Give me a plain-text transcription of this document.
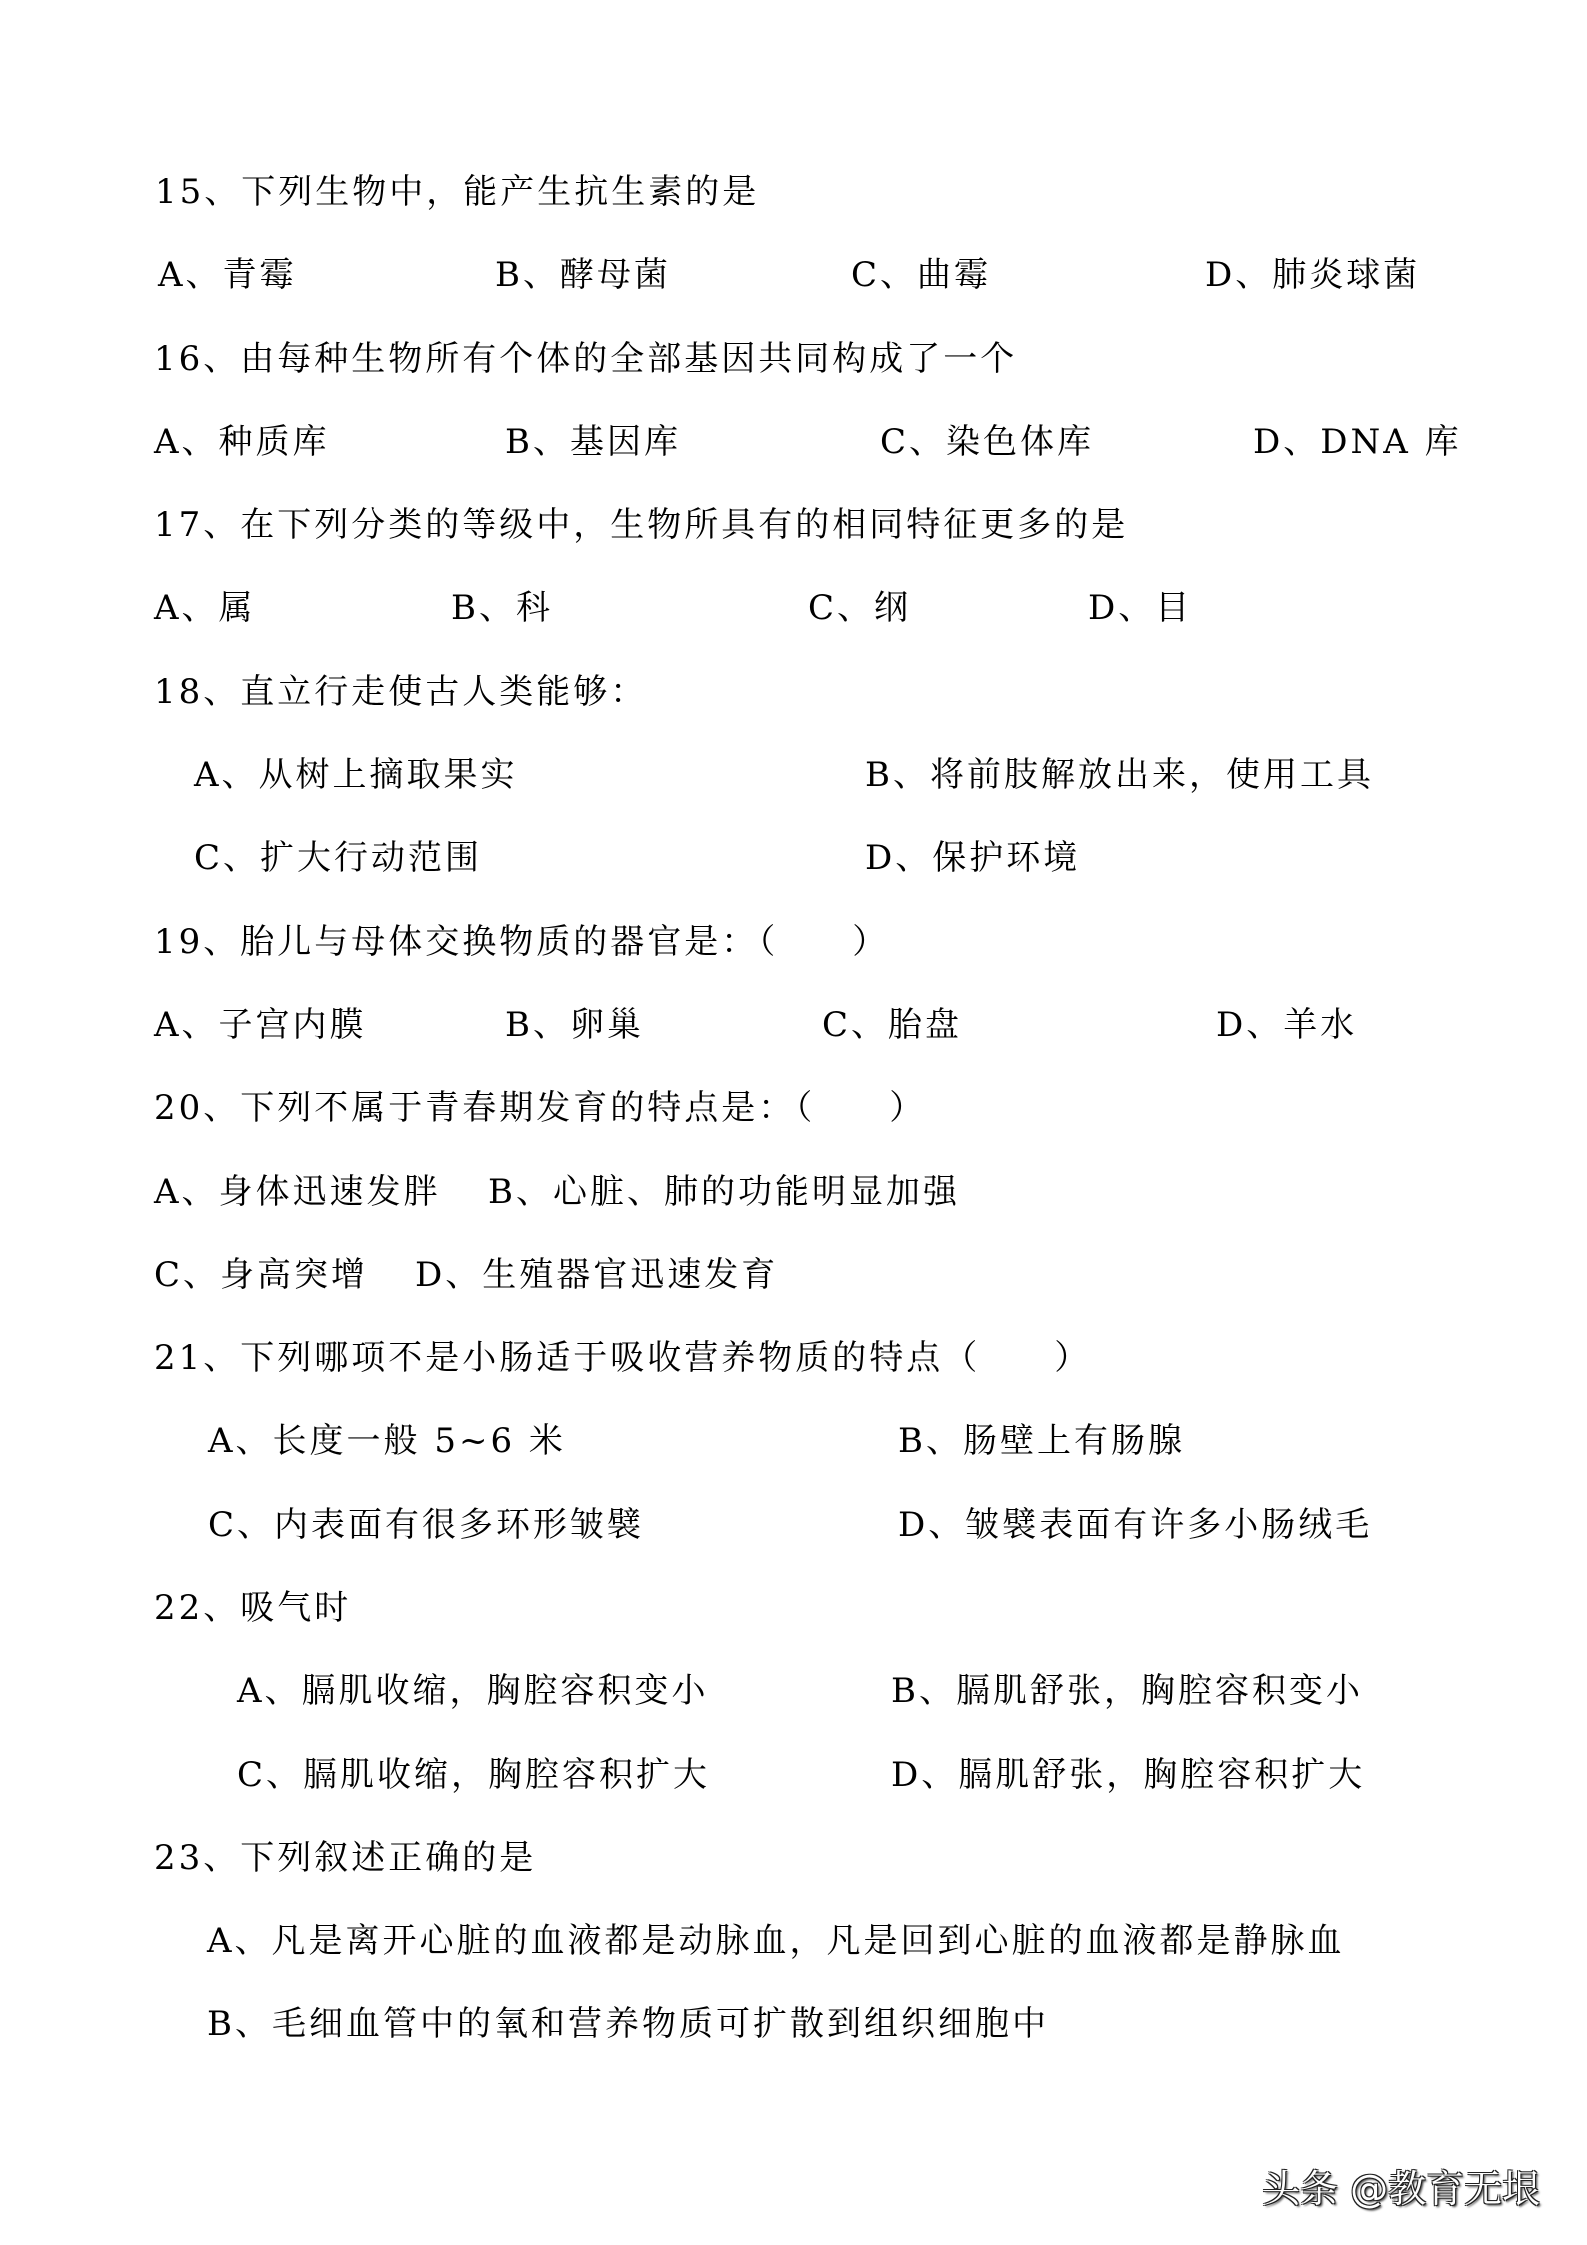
15、下列生物中，能产生抗生素的是
A、青霉	B、酵母菌	C、曲霉	D、肺炎球菌
16、由每种生物所有个体的全部基因共同构成了一个
A、种质库	B、基因库	C、染色体库	D、DNA 库
17、在下列分类的等级中，生物所具有的相同特征更多的是
A、属	B、科	C、纲	D、目
18、直立行走使古人类能够：
A、从树上摘取果实	B、将前肢解放出来，使用工具
C、扩大行动范围	D、保护环境
19、胎儿与母体交换物质的器官是：（　　）
A、子宫内膜	B、卵巢	C、胎盘	D、羊水
20、下列不属于青春期发育的特点是：（　　）
A、身体迅速发胖 B、心脏、肺的功能明显加强
C、身高突增 D、生殖器官迅速发育
21、下列哪项不是小肠适于吸收营养物质的特点（　　）
A、长度一般 5~6 米	B、肠壁上有肠腺
C、内表面有很多环形皱襞	D、皱襞表面有许多小肠绒毛
22、吸气时
A、膈肌收缩，胸腔容积变小	B、膈肌舒张，胸腔容积变小
C、膈肌收缩，胸腔容积扩大	D、膈肌舒张，胸腔容积扩大
23、下列叙述正确的是
A、凡是离开心脏的血液都是动脉血，凡是回到心脏的血液都是静脉血
B、毛细血管中的氧和营养物质可扩散到组织细胞中
头条 @教育无垠
